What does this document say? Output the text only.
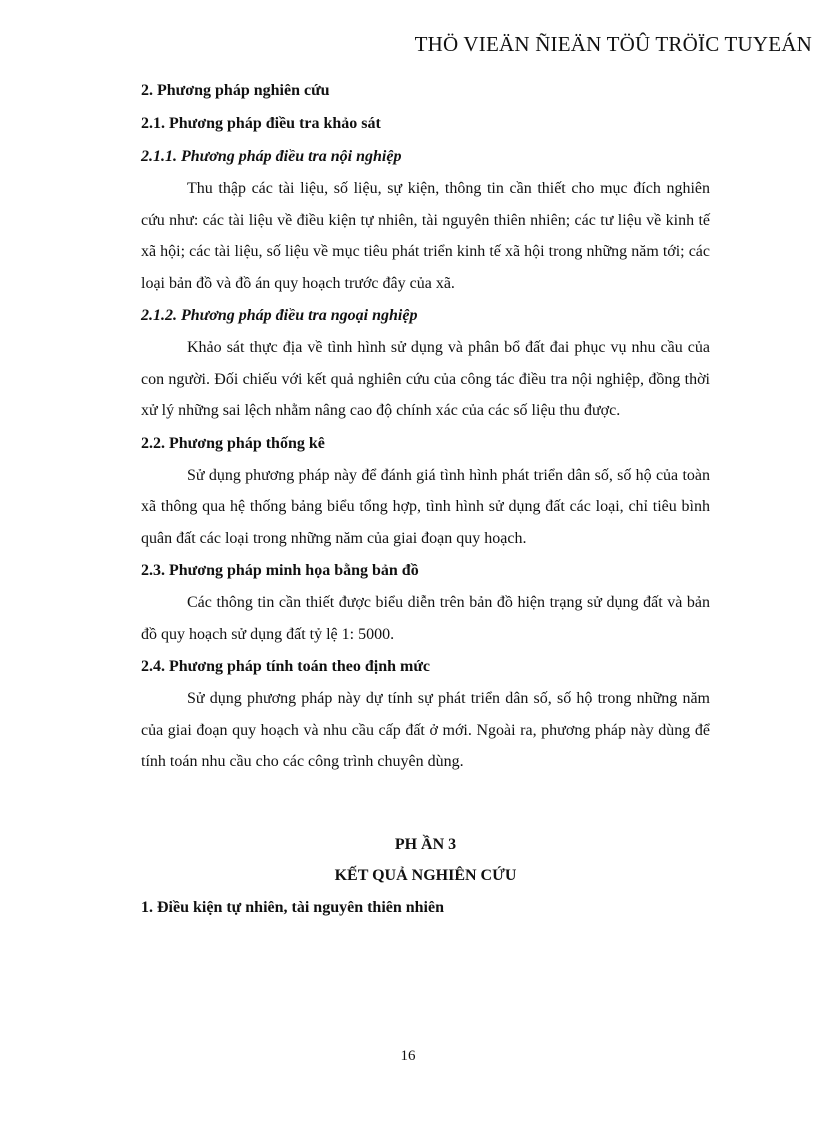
THÖ VIEÄN ÑIEÄN TÖÛ TRÖÏC TUYEÁN

2. Phương pháp nghiên cứu

2.1. Phương pháp điều tra khảo sát

2.1.1. Phương pháp điều tra nội nghiệp

Thu thập các tài liệu, số liệu, sự kiện, thông tin cần thiết cho mục đích nghiên cứu như: các tài liệu về điều kiện tự nhiên, tài nguyên thiên nhiên; các tư liệu về kinh tế xã hội; các tài liệu, số liệu về mục tiêu phát triển kinh tế xã hội trong những năm tới; các loại bản đồ và đồ án quy hoạch trước đây của xã.

2.1.2. Phương pháp điều tra ngoại nghiệp

Khảo sát thực địa về tình hình sử dụng và phân bổ đất đai phục vụ nhu cầu của con người. Đối chiếu với kết quả nghiên cứu của công tác điều tra nội nghiệp, đồng thời xử lý những sai lệch nhằm nâng cao độ chính xác của các số liệu thu được.

2.2. Phương pháp thống kê

Sử dụng phương pháp này để đánh giá tình hình phát triển dân số, số hộ của toàn xã thông qua hệ thống bảng biểu tổng hợp, tình hình sử dụng đất các loại, chỉ tiêu bình quân đất các loại trong những năm của giai đoạn quy hoạch.

2.3. Phương pháp minh họa bằng bản đồ

Các thông tin cần thiết được biểu diễn trên bản đồ hiện trạng sử dụng đất và bản đồ quy hoạch sử dụng đất tỷ lệ 1: 5000.

2.4. Phương pháp tính toán theo định mức

Sử dụng phương pháp này dự tính sự phát triển dân số, số hộ trong những năm của giai đoạn quy hoạch và nhu cầu cấp đất ở mới. Ngoài ra, phương pháp này dùng để tính toán nhu cầu cho các công trình chuyên dùng.

PH ẦN 3

KẾT QUẢ NGHIÊN CỨU

1. Điều kiện tự nhiên, tài nguyên thiên nhiên

16
